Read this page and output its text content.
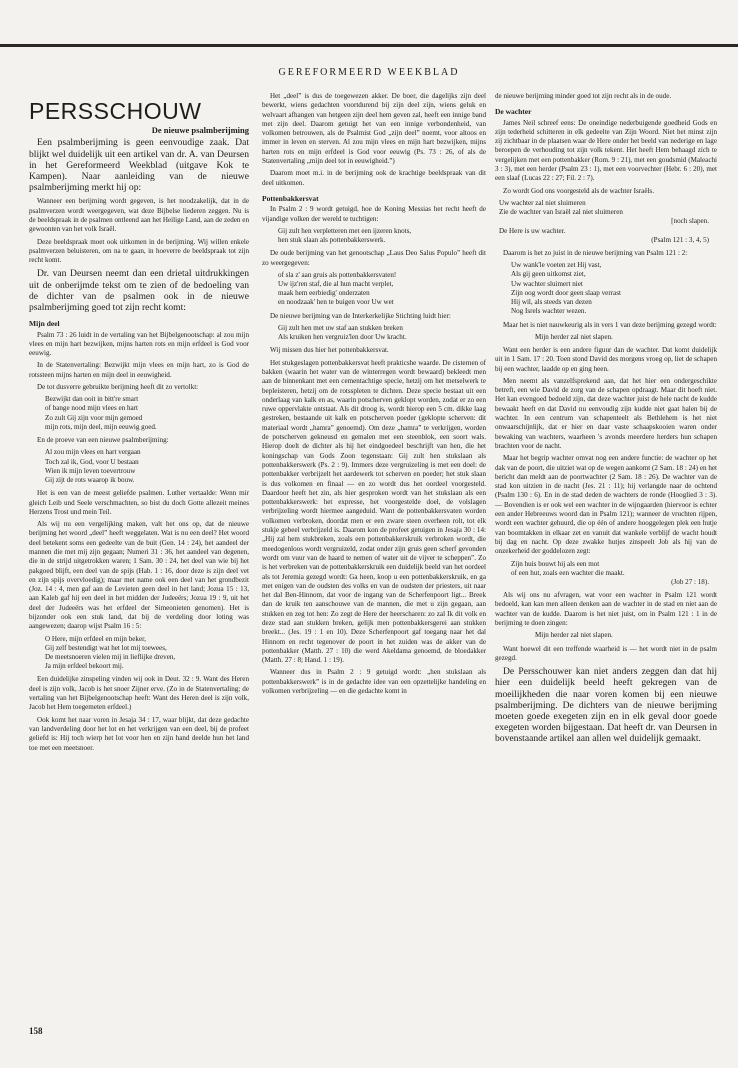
GEREFORMEERD WEEKBLAD
PERSSCHOUW
De nieuwe psalmberijming

Een psalmberijming is geen eenvoudige zaak. Dat blijkt wel duidelijk uit een artikel van dr. A. van Deursen in het Gereformeerd Weekblad (uitgave Kok te Kampen). Naar aanleiding van de nieuwe psalmberijming merkt hij op:

Wanneer een berijming wordt gegeven, is het noodzakelijk, dat in de psalmverzen wordt weergegeven, wat deze Bijbelse liederen zeggen. Nu is de beeldspraak in de psalmen ontleend aan het Heilige Land, aan de zeden en gewoonten van het volk Israël.

Deze beeldspraak moet ook uitkomen in de berijming. Wij willen enkele psalmverzen beluisteren, om na te gaan, in hoeverre de beeldspraak tot zijn recht komt.

Dr. van Deursen neemt dan een drietal uitdrukkingen uit de onberijmde tekst om te zien of de bedoeling van de dichter van de psalmen ook in de nieuwe psalmberijming goed tot zijn recht komt:

Mijn deel

Psalm 73 : 26 luidt in de vertaling van het Bijbelgenootschap: al zou mijn vlees en mijn hart bezwijken, mijns harten rots en mijn erfdeel is God voor eeuwig.

In de Statenvertaling: Bezwijkt mijn vlees en mijn hart, zo is God de rotssteen mijns harten en mijn deel in eeuwigheid.

De tot dusverre gebruikte berijming heeft dit zo vertolkt:

Bezwijkt dan ooit in bitt're smart
of bange nood mijn vlees en hart
Zo zult Gij zijn voor mijn gemoed
mijn rots, mijn deel, mijn eeuwig goed.

En de proeve van een nieuwe psalmberijming:

Al zou mijn vlees en hart vergaan
Toch zal ik, God, voor U bestaan
Wien ik mijn leven toevertrouw
Gij zijt de rots waarop ik bouw.

Het is een van de meest geliefde psalmen. Luther vertaalde: Wenn mir gleich Leib und Seele verschmachten, so bist du doch Gotte allezeit meines Herzens Trost und mein Teil.

Als wij nu een vergelijking maken, valt het ons op, dat de nieuwe berijming het woord „deel” heeft weggelaten. Wat is nu een deel? Het woord deel betekent soms een gedeelte van de buit (Gen. 14 : 24), het aandeel der mannen die met mij zijn gegaan; Numeri 31 : 36, het aandeel van degenen, die in de strijd uitgetrokken waren; 1 Sam. 30 : 24, het deel van wie bij het pakgoed blijft, een deel van de spijs (Hab. 1 : 16, door deze is zijn deel vet en zijn spijs overvloedig); maar met name ook een deel van het grondbezit (Joz. 14 : 4, men gaf aan de Levieten geen deel in het land; Jozua 15 : 13, aan Kaleb gaf hij een deel in het midden der Judeeërs; Jozua 19 : 9, uit het deel der Judeeërs was het erfdeel der Simeonieten genomen). Het is bijzonder ook een stuk land, dat bij de verdeling door loting was aangewezen; daarop wijst Psalm 16 : 5:

O Here, mijn erfdeel en mijn beker,
Gij zelf bestendigt wat het lot mij toewees,
De meetsnoeren vielen mij in lieflijke dreven,
Ja mijn erfdeel bekoort mij.

Een duidelijke zinspeling vinden wij ook in Deut. 32 : 9. Want des Heren deel is zijn volk, Jacob is het snoer Zijner erve. (Zo in de Statenvertaling; de vertaling van het Bijbelgenootschap heeft: Want des Heren deel is zijn volk, Jacob het Hem toegemeten erfdeel.)

Ook komt het naar voren in Jesaja 34 : 17, waar blijkt, dat deze gedachte van landverdeling door het lot en het verkrijgen van een deel, bij de profeet geliefd is: Hij toch wierp het lot voor hen en zijn hand deelde hun het land toe met een meetsnoer.

Het „deel” is dus de toegewezen akker. De boer, die dagelijks zijn deel bewerkt, wiens gedachten voortdurend bij zijn deel zijn, wiens geluk en welvaart afhangen van hetgeen zijn deel hem geven zal, heeft een innige band met zijn deel. Daarom getuigt het van een innige verbondenheid, van volkomen betrouwen, als de Psalmist God „zijn deel” noemt, voor altoos en immer in leven en sterven. Al zou mijn vlees en mijn hart bezwijken, mijns harten rots en mijn erfdeel is God voor eeuwig (Ps. 73 : 26, of als de Statenvertaling „mijn deel tot in eeuwigheid.”)

Daarom moet m.i. in de berijming ook de krachtige beeldspraak van dit deel uitkomen.

Pottenbakkersvat

In Psalm 2 : 9 wordt getuigd, hoe de Koning Messias het recht heeft de vijandige volken der wereld te tuchtigen:

Gij zult hen verpletteren met een ijzeren knots,
hen stuk slaan als pottenbakkerswerk.

De oude berijming van het genootschap „Laus Deo Salus Populo” heeft dit zo weergegeven:

of sla z' aan gruis als pottenbakkersvaten!
Uw ijz'ren staf, die al hun macht verplet,
maak hem eerbiedig' onderzaten
en noodzaak' hen te buigen voor Uw wet

De nieuwe berijming van de Interkerkelijke Stichting luidt hier:

Gij zult hen met uw staf aan stukken breken
Als kruiken hen vergruiz'len door Uw kracht.

Wij missen dus hier het pottenbakkersvat.

Het stukgeslagen pottenbakkersvat heeft prakticshe waarde. De cisternen of bakken (waarin het water van de winterregen wordt bewaard) bekleedt men aan de binnenkant met een cementachtige specie, hetzij om het metselwerk te bepleisteren, hetzij om de rotsspleten te dichten. Deze specie bestaat uit een onderlaag van kalk en as, waarin potscherven geklopt worden, zodat er zo een ruwe oppervlakte ontstaat. Als dit droog is, wordt hierop een 5 cm. dikke laag gestreken, bestaande uit kalk en potscherven poeder (geklopte scherven: dit materiaal wordt „hamra” genoemd). Om deze „hamra” te verkrijgen, worden de potscherven gekneusd en gemalen met een steenblok, een soort wals. Hierop doelt de dichter als hij het eindgoedeel beschrijft van hen, die het koningschap van Gods Zoon tegenstaan: Gij zult hen stukslaan als pottenbakkerswerk (Ps. 2 : 9). Immers deze vergruizeling is met een doel: de pottenbakker verbrijzelt het aardewerk tot scherven en poeder; het stuk slaan is dus volkomen en finaal — en zo wordt dus het oordeel voorgesteld. Daardoor heeft het zin, als hier gesproken wordt van het stukslaan als een pottenbakkerswerk: het expresse, het voorgestelde doel, de volslagen verbrijzeling wordt hiermee aangeduid. Want de pottenbakkersvaten worden volkomen verbroken, doordat men er een zware steen overheen rolt, tot elk stukje gebeel verbrijzeld is. Daarom kon de profeet getuigen in Jesaja 30 : 14: „Hij zal hem stukbreken, zoals een pottenbakkerskruik verbroken wordt, die meedogenloos wordt vergruizeld, zodat onder zijn gruis geen scherf gevonden wordt om vuur van de haard te nemen of water uit de vijver te scheppen”. Zo is het verbreken van de pottenbakkerskruik een duidelijk beeld van het oordeel als tot Jeremia gezegd wordt: Ga heen, koop u een pottenbakkerskruik, en ga met enigen van de oudsten des volks en van de oudsten der priesters, uit naar het dal Ben-Hinnom, dat voor de ingang van de Scherfenpoort ligt... Breek dan de kruik ten aanschouwe van de mannen, die met u zijn gegaan, aan stukken en zeg tot hen: Zo zegt de Here der heerscharen: zo zal Ik dit volk en deze stad aan stukken breken, gelijk men pottenbakkersgerei aan stukken breekt... (Jes. 19 : 1 en 10). Deze Scherfenpoort gaf toegang naar het dal Hinnom en recht tegenover de poort in het zuiden was de akker van de pottenbakker (Matth. 27 : 10) die werd Akeldama genoemd, de bloedakker (Matth. 27 : 8; Hand. 1 : 19).

Wanneer dus in Psalm 2 : 9 getuigd wordt: „hen stukslaan als pottenbakkerswerk” is in de gedachte idee van een opzettelijke handeling en volkomen verbrijzeling — en die gedachte komt in

de nieuwe berijming minder goed tot zijn recht als in de oude.

De wachter

James Neil schreef eens: De oneindige nederbuigende goedheid Gods en zijn tederheid schitteren in elk gedeelte van Zijn Woord. Niet het minst zijn zij zichtbaar in de plaatsen waar de Here onder het beeld van nederige en lage beroepen de verhouding tot zijn volk tekent. Het heeft Hem behaagd zich te vergelijken met een pottenbakker (Rom. 9 : 21), met een goudsmid (Maleachi 3 : 3), met een herder (Psalm 23 : 1), met een voorvechter (Hebr. 6 : 20), met een slaaf (Lucas 22 : 27; Fil. 2 : 7).

Zo wordt God ons voorgesteld als de wachter Israëls.

Uw wachter zal niet sluimeren
Zie de wachter van Israël zal niet sluimeren
[noch slapen.
De Here is uw wachter.
(Psalm 121 : 3, 4, 5)

Daarom is het zo juist in de nieuwe berijming van Psalm 121 : 2:

Uw wank'le voeten zet Hij vast,
Als gij geen uitkomst ziet,
Uw wachter sluimert niet
Zijn oog wordt door geen slaap verrast
Hij wil, als steeds van dezen
Nog Isrels wachter wezen.

Maar het is niet nauwkeurig als in vers 1 van deze berijming gezegd wordt:

Mijn herder zal niet slapen.

Want een herder is een andere figuur dan de wachter. Dat komt duidelijk uit in 1 Sam. 17 : 20. Toen stond David des morgens vroeg op, liet de schapen bij een wachter, laadde op en ging heen.

Men neemt als vanzelfsprekend aan, dat het hier een ondergeschikte betreft, een wie David de zorg van de schapen opdraagt. Maar dit hoeft niet. Het kan evengoed bedoeld zijn, dat deze wachter juist de hele nacht de kudde bewaakt heeft en dat David nu eenvoudig zijn kudde niet gaat halen bij de wachter. In een centrum van schapenteelt als Bethlehem is het niet onwaarschijnlijk, dat er hier en daar vaste schaapskooien waren onder bewaking van wachters, waarheen 's avonds meerdere herders hun schapen brachten voor de nacht.

Maar het begrip wachter omvat nog een andere functie: de wachter op het dak van de poort, die uitziet wat op de wegen aankomt (2 Sam. 18 : 24) en het bericht dan meldt aan de poortwachter (2 Sam. 18 : 26). De wachter van de stad kon uitzien in de nacht (Jes. 21 : 11); hij verlangde naar de ochtend (Psalm 130 : 6). En in de stad deden de wachters de ronde (Hooglied 3 : 3). — Bovendien is er ook wel een wachter in de wijngaarden (hiervoor is echter een ander Hebreeuws woord dan in Psalm 121); wanneer de vruchten rijpen, wordt een wachter gehuurd, die op één of andere hooggelegen plek een hutje van boomtakken in elkaar zet en vanuit dat wankele verblijf de wacht houdt bij dag en nacht. Op deze zwakke hutjes zinspeelt Job als hij van de onzekerheid der goddelozen zegt:

Zijn huis bouwt hij als een mot
of een hut, zoals een wachter die maakt.
(Job 27 : 18).

Als wij ons nu afvragen, wat voor een wachter in Psalm 121 wordt bedoeld, kan kan men alleen denken aan de wachter in de stad en niet aan de wachter van de kudde. Daarom is het niet juist, om in Psalm 121 : 1 in de berijming te doen zingen:

Mijn herder zal niet slapen.

Want hoewel dit een treffende waarheid is — het wordt niet in de psalm gezegd.

De Persschouwer kan niet anders zeggen dan dat hij hier een duidelijk beeld heeft gekregen van de moeilijkheden die naar voren komen bij een nieuwe psalmberijming. De dichters van de nieuwe berijming moeten goede exegeten zijn en in elk geval door goede exegeten worden bijgestaan. Dat heeft dr. van Deursen in bovenstaande artikel aan allen wel duidelijk gemaakt.

158
